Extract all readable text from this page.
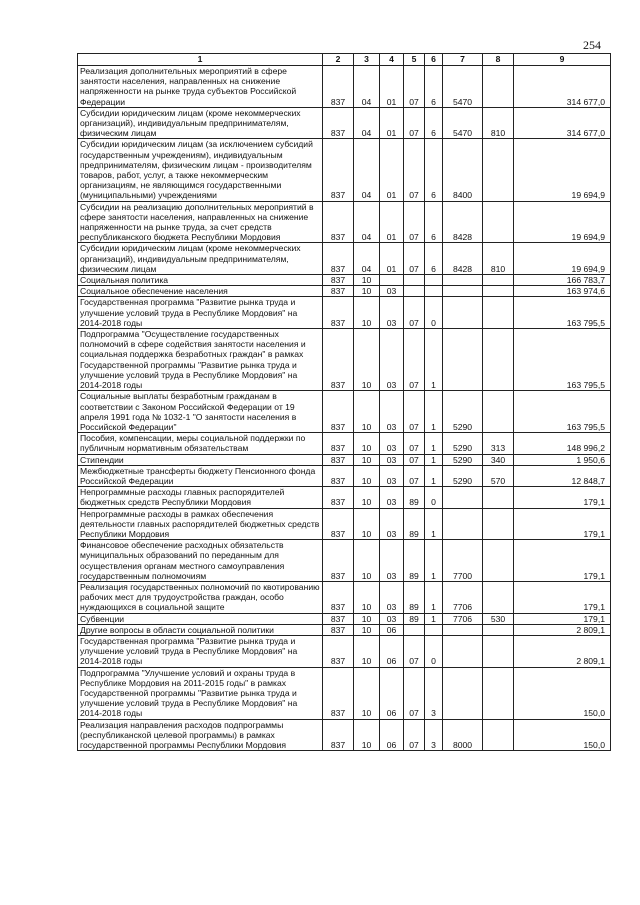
254
1	2	3	4	5	6	7	8	9
Реализация дополнительных мероприятий в сфере занятости населения, направленных на снижение напряженности на рынке труда субъектов Российской Федерации	837	04	01	07	6	5470		314 677,0
Субсидии юридическим лицам (кроме некоммерческих организаций), индивидуальным предпринимателям, физическим лицам	837	04	01	07	6	5470	810	314 677,0
Субсидии юридическим лицам (за исключением субсидий государственным учреждениям), индивидуальным предпринимателям, физическим лицам - производителям товаров, работ, услуг, а также некоммерческим организациям, не являющимся государственными (муниципальными) учреждениями	837	04	01	07	6	8400		19 694,9
Субсидии на реализацию дополнительных мероприятий в сфере занятости населения, направленных на снижение напряженности на рынке труда, за счет средств республиканского бюджета Республики Мордовия	837	04	01	07	6	8428		19 694,9
Субсидии юридическим лицам (кроме некоммерческих организаций), индивидуальным предпринимателям, физическим лицам	837	04	01	07	6	8428	810	19 694,9
Социальная политика	837	10						166 783,7
Социальное обеспечение населения	837	10	03					163 974,6
Государственная программа "Развитие рынка труда и улучшение условий труда в Республике Мордовия" на 2014-2018 годы	837	10	03	07	0			163 795,5
Подпрограмма "Осуществление государственных полномочий в сфере содействия занятости населения и социальная поддержка безработных граждан" в рамках Государственной программы "Развитие рынка труда и улучшение условий труда в Республике Мордовия" на 2014-2018 годы	837	10	03	07	1			163 795,5
Социальные выплаты безработным гражданам в соответствии с Законом Российской Федерации от 19 апреля 1991 года № 1032-1 "О занятости населения в Российской Федерации"	837	10	03	07	1	5290		163 795,5
Пособия, компенсации, меры социальной поддержки по публичным нормативным обязательствам	837	10	03	07	1	5290	313	148 996,2
Стипендии	837	10	03	07	1	5290	340	1 950,6
Межбюджетные трансферты бюджету Пенсионного фонда Российской Федерации	837	10	03	07	1	5290	570	12 848,7
Непрограммные расходы главных распорядителей бюджетных средств Республики Мордовия	837	10	03	89	0			179,1
Непрограммные расходы в рамках обеспечения деятельности главных распорядителей бюджетных средств Республики Мордовия	837	10	03	89	1			179,1
Финансовое обеспечение расходных обязательств муниципальных образований по переданным для осуществления органам местного самоуправления государственным полномочиям	837	10	03	89	1	7700		179,1
Реализация государственных полномочий по квотированию рабочих мест для трудоустройства граждан, особо нуждающихся в социальной защите	837	10	03	89	1	7706		179,1
Субвенции	837	10	03	89	1	7706	530	179,1
Другие вопросы в области социальной политики	837	10	06					2 809,1
Государственная программа "Развитие рынка труда и улучшение условий труда в Республике Мордовия" на 2014-2018 годы	837	10	06	07	0			2 809,1
Подпрограмма "Улучшение условий и охраны труда в Республике Мордовия на 2011-2015 годы" в рамках Государственной программы "Развитие рынка труда и улучшение условий труда в Республике Мордовия" на 2014-2018 годы	837	10	06	07	3			150,0
Реализация направления расходов подпрограммы (республиканской целевой программы) в рамках государственной программы Республики Мордовия	837	10	06	07	3	8000		150,0
